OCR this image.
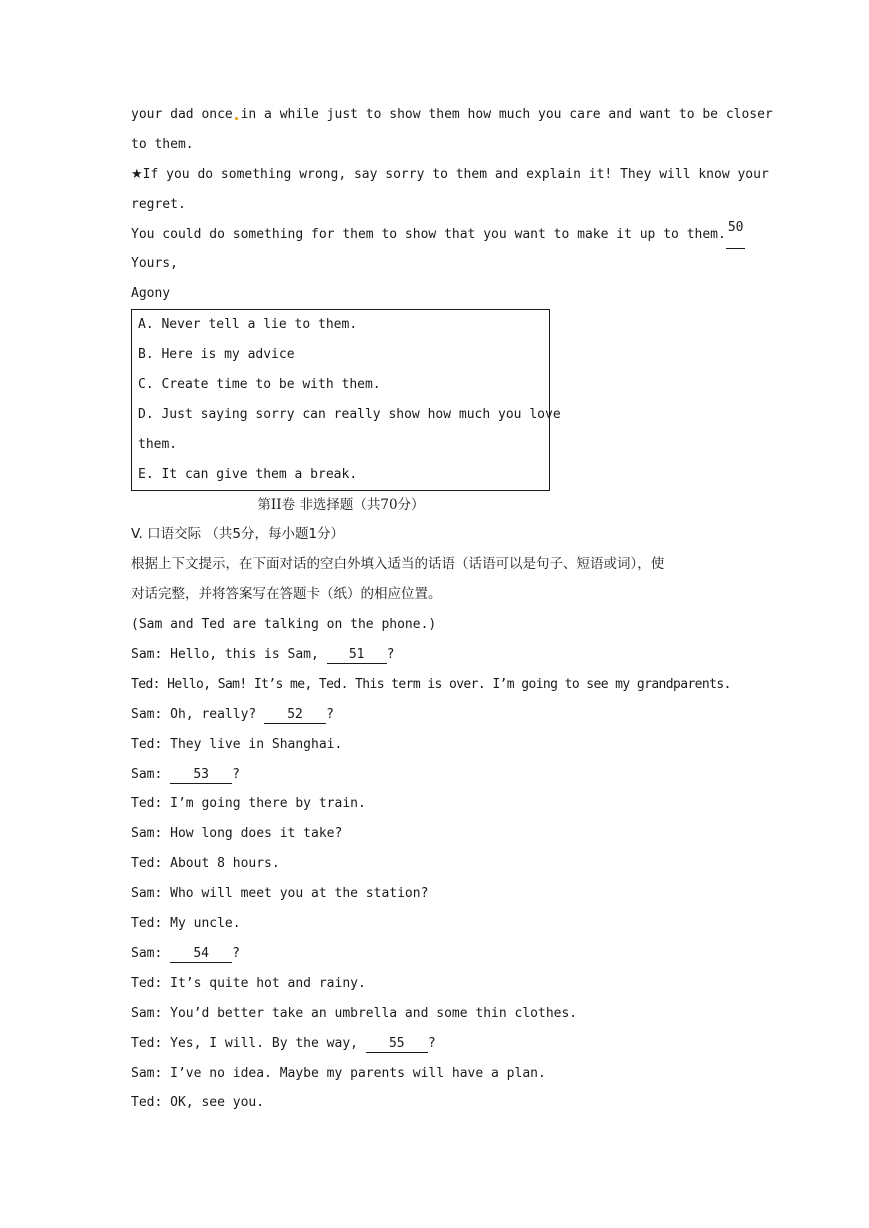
your dad once in a while just to show them how much you care and want to be closer
to them.
★If you do something wrong, say sorry to them and explain it! They will know your
regret.
You could do something for them to show that you want to make it up to them. 50
Yours,
Agony
A. Never tell a lie to them.
B. Here is my advice
C. Create time to be with them.
D. Just saying sorry can really show how much you love
them.
E. It can give them a break.
第II卷 非选择题（共70分）
V. 口语交际 （共5分，每小题1分）
根据上下文提示，在下面对话的空白外填入适当的话语（话语可以是句子、短语或词），使
对话完整，并将答案写在答题卡（纸）的相应位置。
(Sam and Ted are talking on the phone.)
Sam: Hello, this is Sam, 51 ?
Ted: Hello, Sam! It’s me, Ted. This term is over. I’m going to see my grandparents.
Sam: Oh, really? 52 ?
Ted: They live in Shanghai.
Sam: 53 ?
Ted: I’m going there by train.
Sam: How long does it take?
Ted: About 8 hours.
Sam: Who will meet you at the station?
Ted: My uncle.
Sam: 54 ?
Ted: It’s quite hot and rainy.
Sam: You’d better take an umbrella and some thin clothes.
Ted: Yes, I will. By the way, 55 ?
Sam: I’ve no idea. Maybe my parents will have a plan.
Ted: OK, see you.
